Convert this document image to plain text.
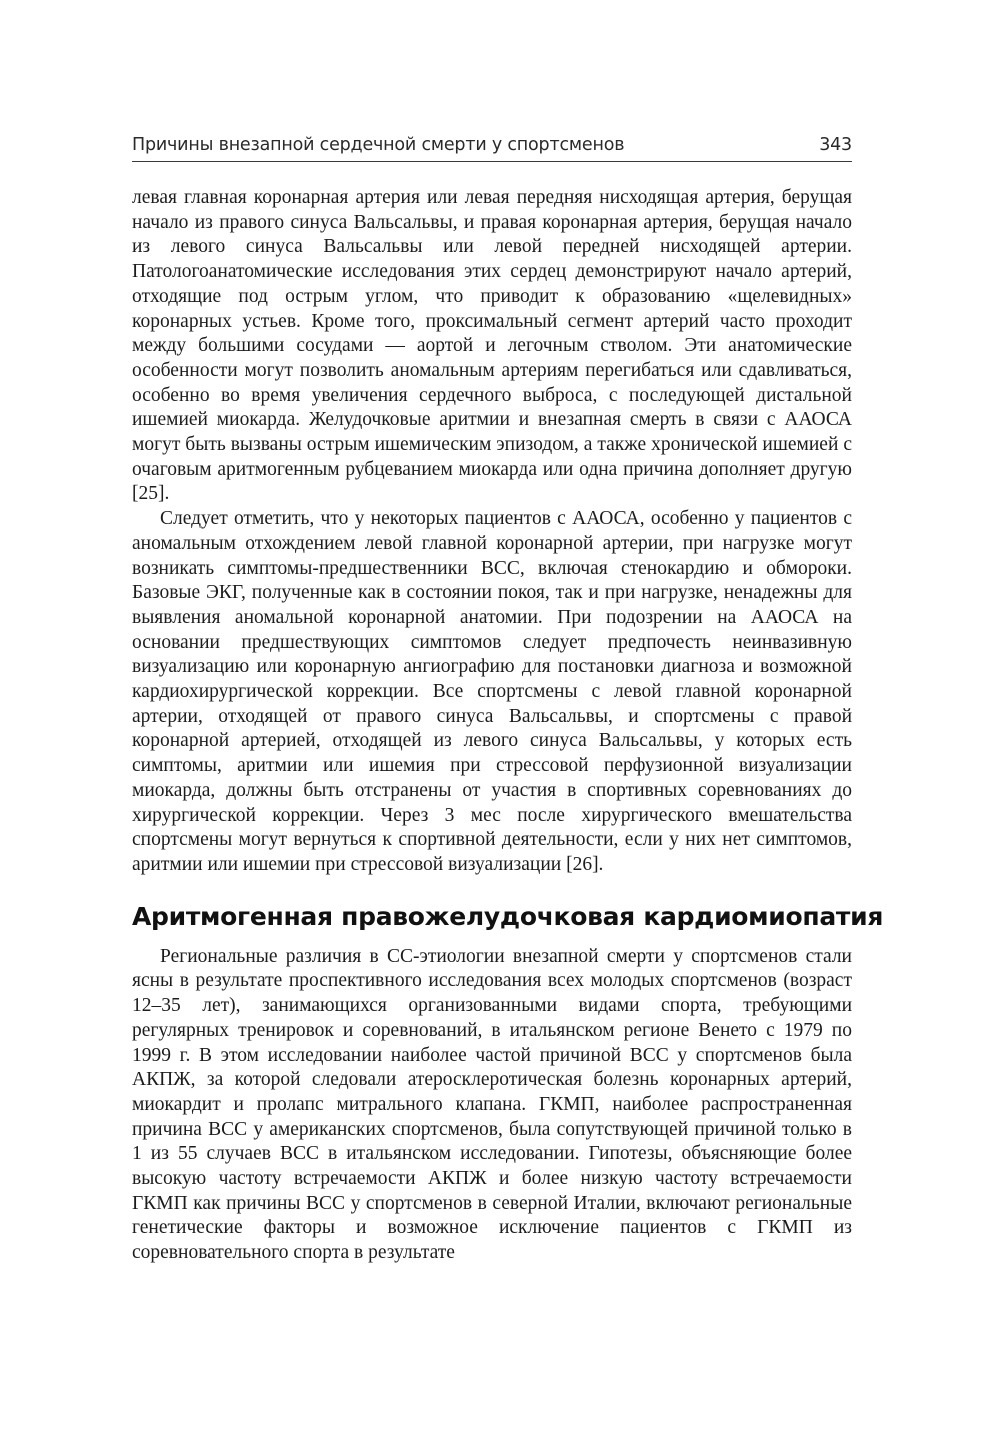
Причины внезапной сердечной смерти у спортсменов	343

левая главная коронарная артерия или левая передняя нисходящая артерия, берущая начало из правого синуса Вальсальвы, и правая коронарная артерия, берущая начало из левого синуса Вальсальвы или левой передней нисходящей артерии. Патологоанатомические исследования этих сердец демонстрируют начало артерий, отходящие под острым углом, что приводит к образованию «щелевидных» коронарных устьев. Кроме того, проксимальный сегмент артерий часто проходит между большими сосудами — аортой и легочным стволом. Эти анатомические особенности могут позволить аномальным артериям перегибаться или сдавливаться, особенно во время увеличения сердечного выброса, с последующей дистальной ишемией миокарда. Желудочковые аритмии и внезапная смерть в связи с ААОСА могут быть вызваны острым ишемическим эпизодом, а также хронической ишемией с очаговым аритмогенным рубцеванием миокарда или одна причина дополняет другую [25].

Следует отметить, что у некоторых пациентов с ААОСА, особенно у пациентов с аномальным отхождением левой главной коронарной артерии, при нагрузке могут возникать симптомы-предшественники ВСС, включая стенокардию и обмороки. Базовые ЭКГ, полученные как в состоянии покоя, так и при нагрузке, ненадежны для выявления аномальной коронарной анатомии. При подозрении на ААОСА на основании предшествующих симптомов следует предпочесть неинвазивную визуализацию или коронарную ангиографию для постановки диагноза и возможной кардиохирургической коррекции. Все спортсмены с левой главной коронарной артерии, отходящей от правого синуса Вальсальвы, и спортсмены с правой коронарной артерией, отходящей из левого синуса Вальсальвы, у которых есть симптомы, аритмии или ишемия при стрессовой перфузионной визуализации миокарда, должны быть отстранены от участия в спортивных соревнованиях до хирургической коррекции. Через 3 мес после хирургического вмешательства спортсмены могут вернуться к спортивной деятельности, если у них нет симптомов, аритмии или ишемии при стрессовой визуализации [26].

Аритмогенная правожелудочковая кардиомиопатия

Региональные различия в СС-этиологии внезапной смерти у спортсменов стали ясны в результате проспективного исследования всех молодых спортсменов (возраст 12–35 лет), занимающихся организованными видами спорта, требующими регулярных тренировок и соревнований, в итальянском регионе Венето с 1979 по 1999 г. В этом исследовании наиболее частой причиной ВСС у спортсменов была АКПЖ, за которой следовали атеросклеротическая болезнь коронарных артерий, миокардит и пролапс митрального клапана. ГКМП, наиболее распространенная причина ВСС у американских спортсменов, была сопутствующей причиной только в 1 из 55 случаев ВСС в итальянском исследовании. Гипотезы, объясняющие более высокую частоту встречаемости АКПЖ и более низкую частоту встречаемости ГКМП как причины ВСС у спортсменов в северной Италии, включают региональные генетические факторы и возможное исключение пациентов с ГКМП из соревновательного спорта в результате
